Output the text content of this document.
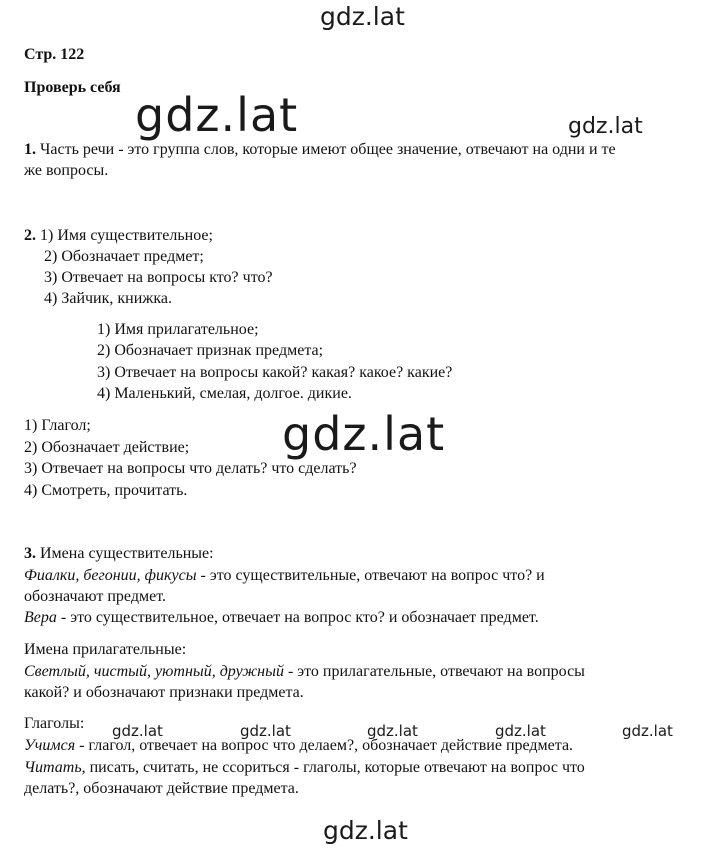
gdz.lat
gdz.lat	gdz.lat
gdz.lat
gdz.lat	gdz.lat	gdz.lat	gdz.lat	gdz.lat
gdz.lat
Стр. 122
Проверь себя
1. Часть речи - это группа слов, которые имеют общее значение, отвечают на одни и те
же вопросы.
2. 1) Имя существительное;
2) Обозначает предмет;
3) Отвечает на вопросы кто? что?
4) Зайчик, книжка.
1) Имя прилагательное;
2) Обозначает признак предмета;
3) Отвечает на вопросы какой? какая? какое? какие?
4) Маленький, смелая, долгое. дикие.
1) Глагол;
2) Обозначает действие;
3) Отвечает на вопросы что делать? что сделать?
4) Смотреть, прочитать.
3. Имена существительные:
Фиалки, бегонии, фикусы - это существительные, отвечают на вопрос что? и
обозначают предмет.
Вера - это существительное, отвечает на вопрос кто? и обозначает предмет.
Имена прилагательные:
Светлый, чистый, уютный, дружный - это прилагательные, отвечают на вопросы
какой? и обозначают признаки предмета.
Глаголы:
Учимся - глагол, отвечает на вопрос что делаем?, обозначает действие предмета.
Читать, писать, считать, не ссориться - глаголы, которые отвечают на вопрос что
делать?, обозначают действие предмета.
